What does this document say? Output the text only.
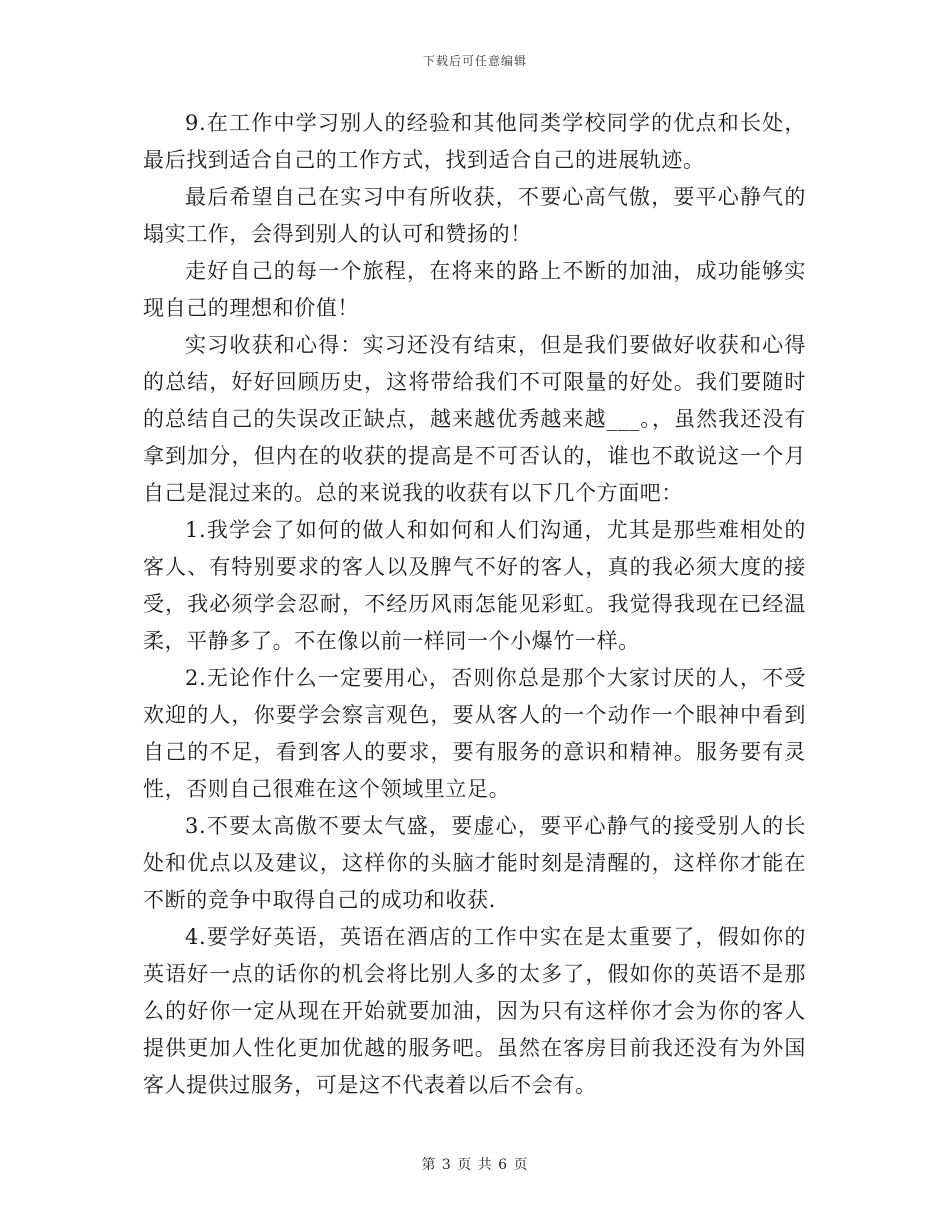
下载后可任意编辑

9.在工作中学习别人的经验和其他同类学校同学的优点和长处，最后找到适合自己的工作方式，找到适合自己的进展轨迹。

最后希望自己在实习中有所收获，不要心高气傲，要平心静气的塌实工作，会得到别人的认可和赞扬的！

走好自己的每一个旅程，在将来的路上不断的加油，成功能够实现自己的理想和价值！

实习收获和心得：实习还没有结束，但是我们要做好收获和心得的总结，好好回顾历史，这将带给我们不可限量的好处。我们要随时的总结自己的失误改正缺点，越来越优秀越来越___。，虽然我还没有拿到加分，但内在的收获的提高是不可否认的，谁也不敢说这一个月自己是混过来的。总的来说我的收获有以下几个方面吧：

1.我学会了如何的做人和如何和人们沟通，尤其是那些难相处的客人、有特别要求的客人以及脾气不好的客人，真的我必须大度的接受，我必须学会忍耐，不经历风雨怎能见彩虹。我觉得我现在已经温柔，平静多了。不在像以前一样同一个小爆竹一样。

2.无论作什么一定要用心，否则你总是那个大家讨厌的人，不受欢迎的人，你要学会察言观色，要从客人的一个动作一个眼神中看到自己的不足，看到客人的要求，要有服务的意识和精神。服务要有灵性，否则自己很难在这个领域里立足。

3.不要太高傲不要太气盛，要虚心，要平心静气的接受别人的长处和优点以及建议，这样你的头脑才能时刻是清醒的，这样你才能在不断的竞争中取得自己的成功和收获.

4.要学好英语，英语在酒店的工作中实在是太重要了，假如你的英语好一点的话你的机会将比别人多的太多了，假如你的英语不是那么的好你一定从现在开始就要加油，因为只有这样你才会为你的客人提供更加人性化更加优越的服务吧。虽然在客房目前我还没有为外国客人提供过服务，可是这不代表着以后不会有。

第 3 页 共 6 页
